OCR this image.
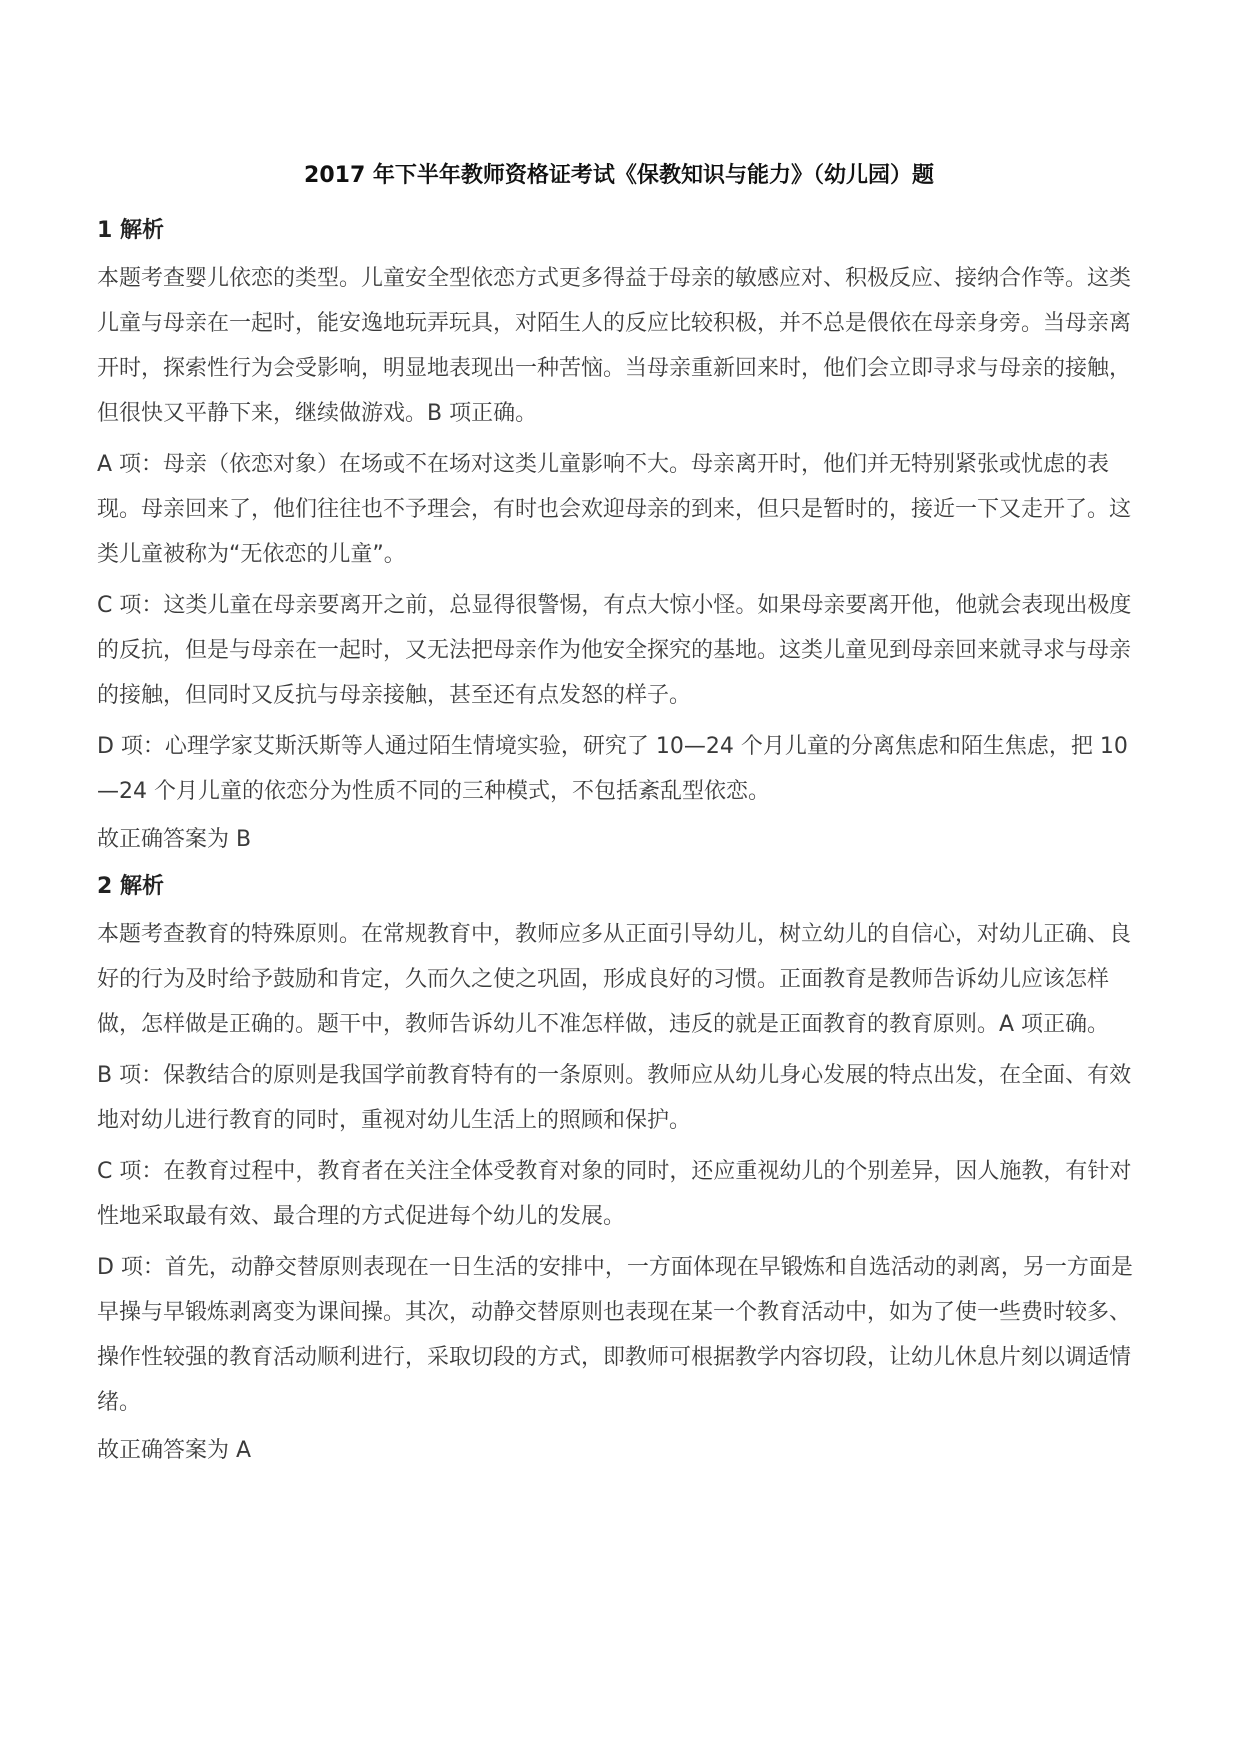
2017 年下半年教师资格证考试《保教知识与能力》（幼儿园）题
1 解析

本题考查婴儿依恋的类型。儿童安全型依恋方式更多得益于母亲的敏感应对、积极反应、接纳合作等。这类儿童与母亲在一起时，能安逸地玩弄玩具，对陌生人的反应比较积极，并不总是偎依在母亲身旁。当母亲离开时，探索性行为会受影响，明显地表现出一种苦恼。当母亲重新回来时，他们会立即寻求与母亲的接触，但很快又平静下来，继续做游戏。B 项正确。

A 项：母亲（依恋对象）在场或不在场对这类儿童影响不大。母亲离开时，他们并无特别紧张或忧虑的表现。母亲回来了，他们往往也不予理会，有时也会欢迎母亲的到来，但只是暂时的，接近一下又走开了。这类儿童被称为“无依恋的儿童”。

C 项：这类儿童在母亲要离开之前，总显得很警惕，有点大惊小怪。如果母亲要离开他，他就会表现出极度的反抗，但是与母亲在一起时，又无法把母亲作为他安全探究的基地。这类儿童见到母亲回来就寻求与母亲的接触，但同时又反抗与母亲接触，甚至还有点发怒的样子。

D 项：心理学家艾斯沃斯等人通过陌生情境实验，研究了 10—24 个月儿童的分离焦虑和陌生焦虑，把 10—24 个月儿童的依恋分为性质不同的三种模式，不包括紊乱型依恋。

故正确答案为 B

2 解析

本题考查教育的特殊原则。在常规教育中，教师应多从正面引导幼儿，树立幼儿的自信心，对幼儿正确、良好的行为及时给予鼓励和肯定，久而久之使之巩固，形成良好的习惯。正面教育是教师告诉幼儿应该怎样做，怎样做是正确的。题干中，教师告诉幼儿不准怎样做，违反的就是正面教育的教育原则。A 项正确。

B 项：保教结合的原则是我国学前教育特有的一条原则。教师应从幼儿身心发展的特点出发，在全面、有效地对幼儿进行教育的同时，重视对幼儿生活上的照顾和保护。

C 项：在教育过程中，教育者在关注全体受教育对象的同时，还应重视幼儿的个别差异，因人施教，有针对性地采取最有效、最合理的方式促进每个幼儿的发展。

D 项：首先，动静交替原则表现在一日生活的安排中，一方面体现在早锻炼和自选活动的剥离，另一方面是早操与早锻炼剥离变为课间操。其次，动静交替原则也表现在某一个教育活动中，如为了使一些费时较多、操作性较强的教育活动顺利进行，采取切段的方式，即教师可根据教学内容切段，让幼儿休息片刻以调适情绪。

故正确答案为 A
